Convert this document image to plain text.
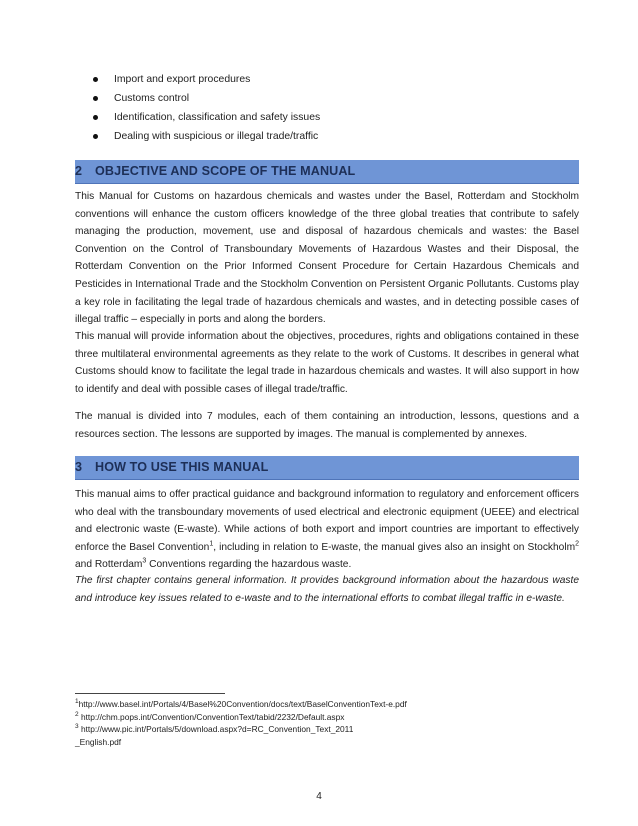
Import and export procedures
Customs control
Identification, classification and safety issues
Dealing with suspicious or illegal trade/traffic
2 OBJECTIVE AND SCOPE OF THE MANUAL

This Manual for Customs on hazardous chemicals and wastes under the Basel, Rotterdam and Stockholm conventions will enhance the custom officers knowledge of the three global treaties that contribute to safely managing the production, movement, use and disposal of hazardous chemicals and wastes: the Basel Convention on the Control of Transboundary Movements of Hazardous Wastes and their Disposal, the Rotterdam Convention on the Prior Informed Consent Procedure for Certain Hazardous Chemicals and Pesticides in International Trade and the Stockholm Convention on Persistent Organic Pollutants. Customs play a key role in facilitating the legal trade of hazardous chemicals and wastes, and in detecting possible cases of illegal traffic – especially in ports and along the borders.

This manual will provide information about the objectives, procedures, rights and obligations contained in these three multilateral environmental agreements as they relate to the work of Customs. It describes in general what Customs should know to facilitate the legal trade in hazardous chemicals and wastes. It will also support in how to identify and deal with possible cases of illegal trade/traffic.

The manual is divided into 7 modules, each of them containing an introduction, lessons, questions and a resources section. The lessons are supported by images. The manual is complemented by annexes.

3 HOW TO USE THIS MANUAL

This manual aims to offer practical guidance and background information to regulatory and enforcement officers who deal with the transboundary movements of used electrical and electronic equipment (UEEE) and electrical and electronic waste (E-waste). While actions of both export and import countries are important to effectively enforce the Basel Convention$^1$, including in relation to E-waste, the manual gives also an insight on Stockholm$^2$ and Rotterdam$^3$ Conventions regarding the hazardous waste.

The first chapter contains general information. It provides background information about the hazardous waste and introduce key issues related to e-waste and to the international efforts to combat illegal traffic in e-waste.

$^1$http://www.basel.int/Portals/4/Basel%20Convention/docs/text/BaselConventionText-e.pdf
$^2$ http://chm.pops.int/Convention/ConventionText/tabid/2232/Default.aspx
$^3$ http://www.pic.int/Portals/5/download.aspx?d=RC_Convention_Text_2011
_English.pdf
4
